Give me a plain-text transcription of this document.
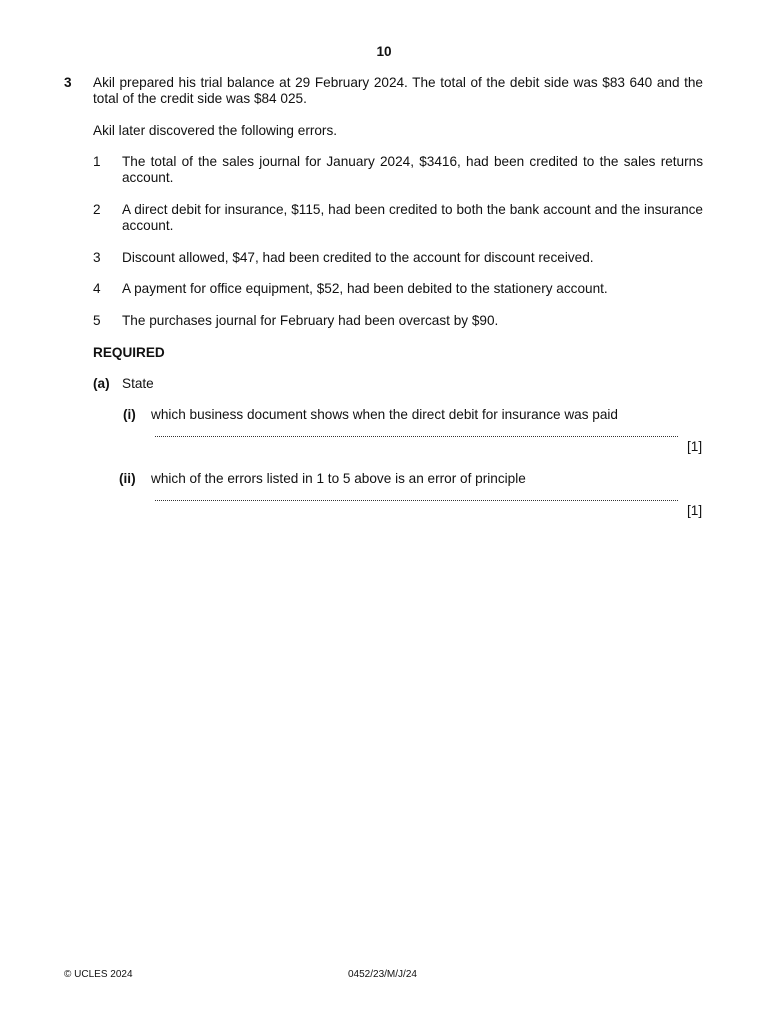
10
3 Akil prepared his trial balance at 29 February 2024. The total of the debit side was $83 640 and the total of the credit side was $84 025.
Akil later discovered the following errors.
1 The total of the sales journal for January 2024, $3416, had been credited to the sales returns account.
2 A direct debit for insurance, $115, had been credited to both the bank account and the insurance account.
3 Discount allowed, $47, had been credited to the account for discount received.
4 A payment for office equipment, $52, had been debited to the stationery account.
5 The purchases journal for February had been overcast by $90.
REQUIRED
(a) State
(i) which business document shows when the direct debit for insurance was paid
[1]
(ii) which of the errors listed in 1 to 5 above is an error of principle
[1]
© UCLES 2024	0452/23/M/J/24
